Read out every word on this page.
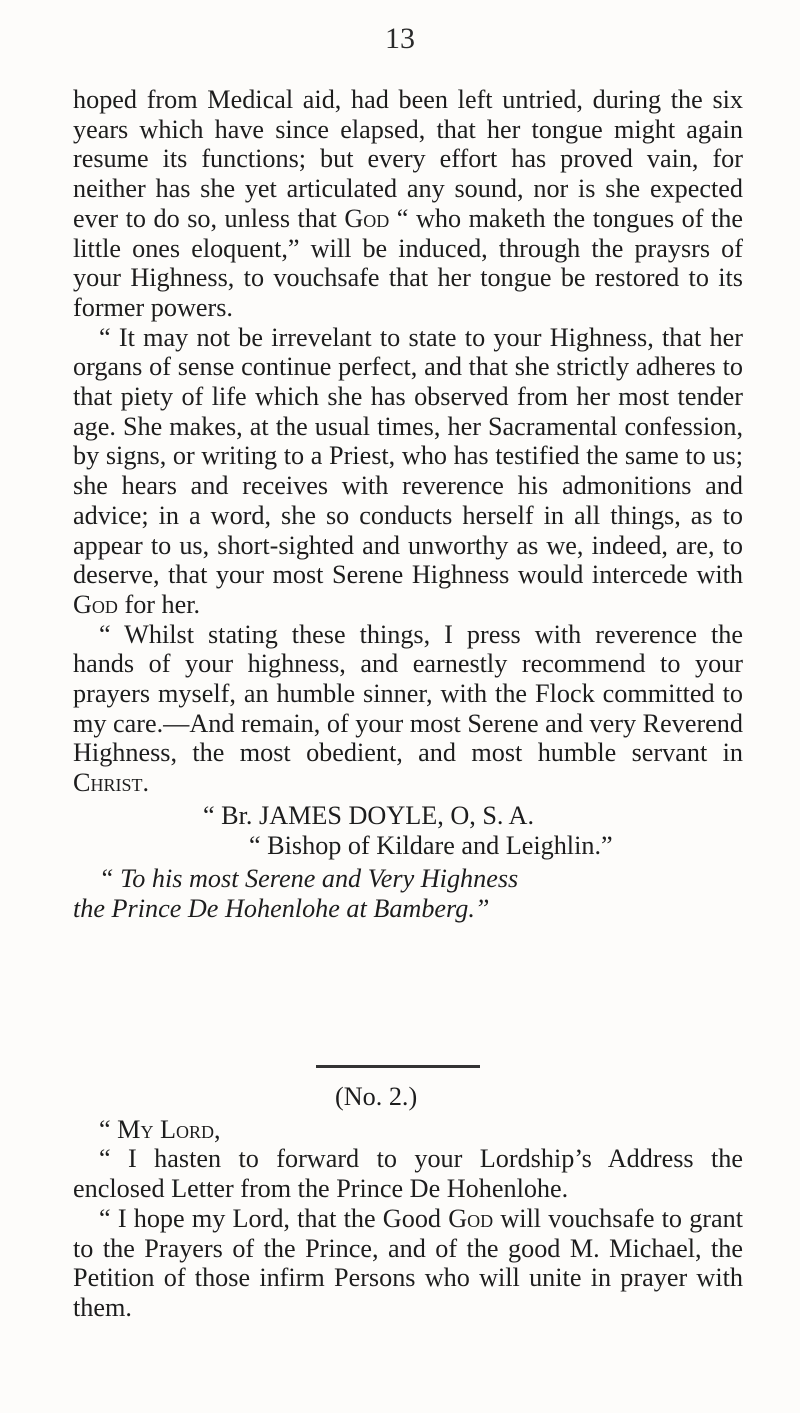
13

hoped from Medical aid, had been left untried, during the six years which have since elapsed, that her tongue might again resume its functions; but every effort has proved vain, for neither has she yet articulated any sound, nor is she expected ever to do so, unless that God “ who maketh the tongues of the little ones eloquent,” will be induced, through the praysrs of your Highness, to vouchsafe that her tongue be restored to its former powers.

“ It may not be irrevelant to state to your Highness, that her organs of sense continue perfect, and that she strictly adheres to that piety of life which she has observed from her most tender age. She makes, at the usual times, her Sacramental confession, by signs, or writing to a Priest, who has testified the same to us; she hears and receives with reverence his admonitions and advice; in a word, she so conducts herself in all things, as to appear to us, short-sighted and unworthy as we, indeed, are, to deserve, that your most Serene Highness would intercede with God for her.

“ Whilst stating these things, I press with reverence the hands of your highness, and earnestly recommend to your prayers myself, an humble sinner, with the Flock committed to my care.—And remain, of your most Serene and very Reverend Highness, the most obedient, and most humble servant in Christ.

“ Br. JAMES DOYLE, O, S. A.

“ Bishop of Kildare and Leighlin.”

“ To his most Serene and Very Highness

the Prince De Hohenlohe at Bamberg.”

(No. 2.)

“ My Lord,

“ I hasten to forward to your Lordship’s Address the enclosed Letter from the Prince De Hohenlohe.

“ I hope my Lord, that the Good God will vouchsafe to grant to the Prayers of the Prince, and of the good M. Michael, the Petition of those infirm Persons who will unite in prayer with them.
